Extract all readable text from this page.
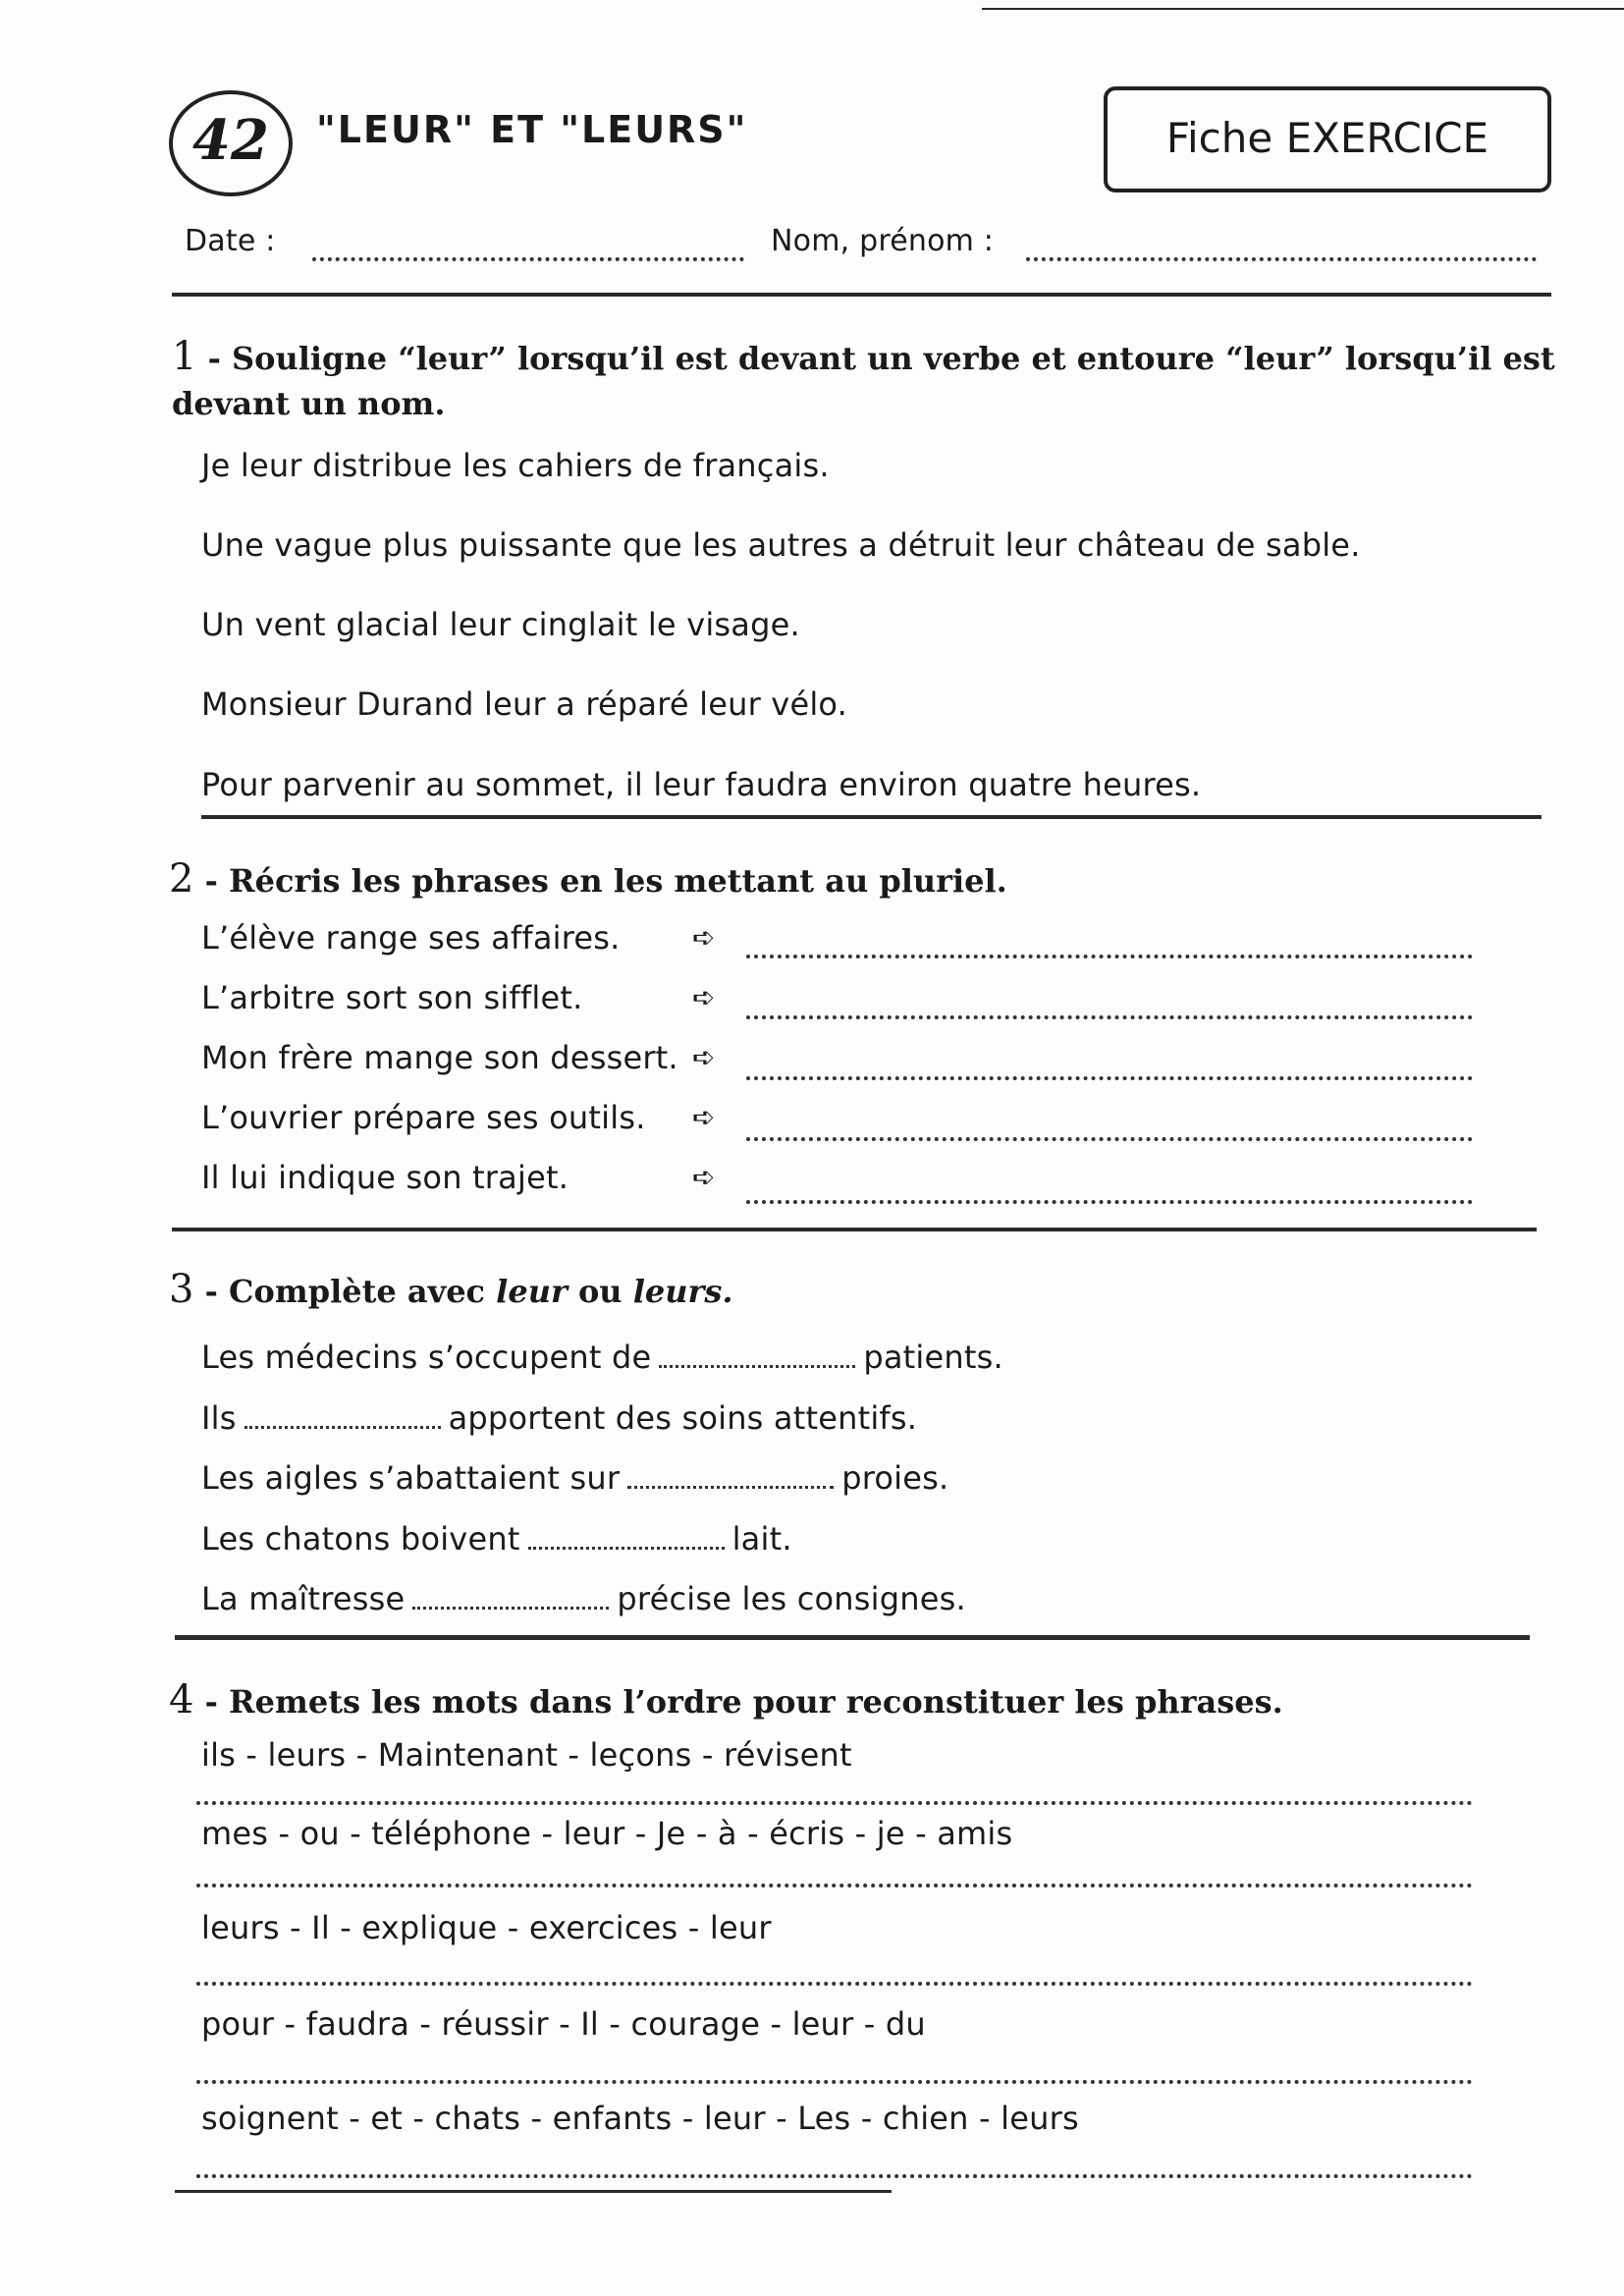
42	"LEUR" ET "LEURS"	Fiche EXERCICE
Date :	Nom, prénom :
1 - Souligne “leur” lorsqu’il est devant un verbe et entoure “leur” lorsqu’il est
devant un nom.
Je leur distribue les cahiers de français.
Une vague plus puissante que les autres a détruit leur château de sable.
Un vent glacial leur cinglait le visage.
Monsieur Durand leur a réparé leur vélo.
Pour parvenir au sommet, il leur faudra environ quatre heures.
2 - Récris les phrases en les mettant au pluriel.
L’élève range ses affaires.	➪
L’arbitre sort son sifflet.	➪
Mon frère mange son dessert. ➪
L’ouvrier prépare ses outils. ➪
Il lui indique son trajet.	➪
3 - Complète avec leur ou leurs.
Les médecins s’occupent de	patients.
Ils	apportent des soins attentifs.
Les aigles s’abattaient sur	proies.
Les chatons boivent	lait.
La maîtresse	précise les consignes.
4 - Remets les mots dans l’ordre pour reconstituer les phrases.
ils - leurs - Maintenant - leçons - révisent
mes - ou - téléphone - leur - Je - à - écris - je - amis
leurs - Il - explique - exercices - leur
pour - faudra - réussir - Il - courage - leur - du
soignent - et - chats - enfants - leur - Les - chien - leurs
